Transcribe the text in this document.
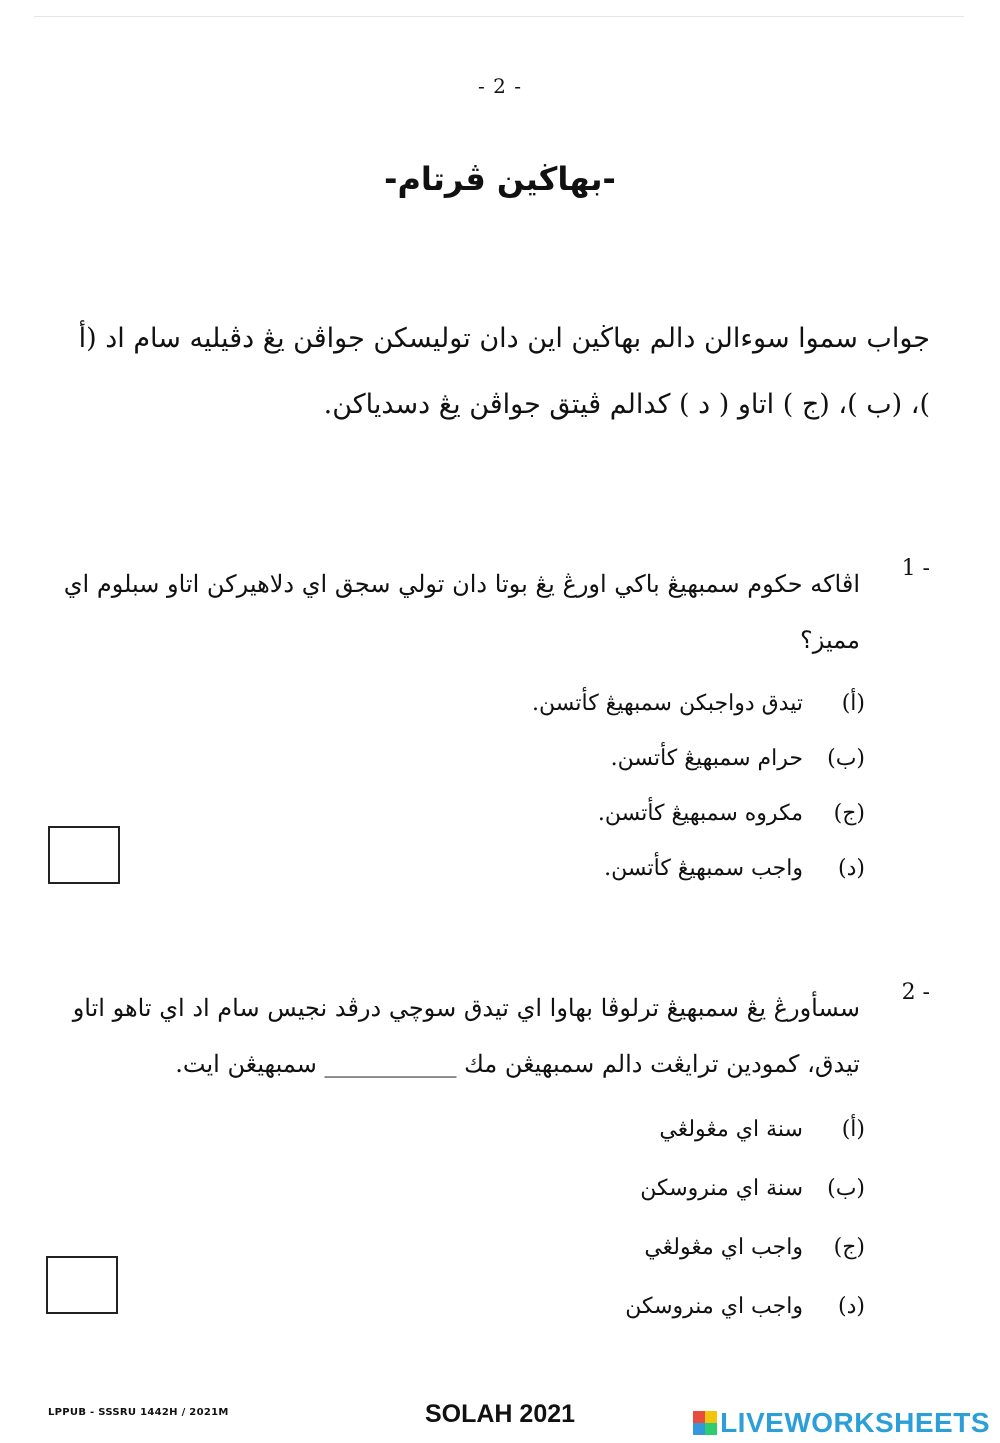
- 2 -
-بهاڬين ڤرتام-
جواب سموا سوءالن دالم بهاڬين اين دان توليسكن جواڤن يڠ دڤيليه سام اد (أ )، (ب )، (ج ) اتاو ( د ) كدالم ڤيتق جواڤن يڠ دسدياكن.
1 -
اڤاكه حكوم سمبهيڠ باكي اورڠ يڠ بوتا دان تولي سجق اي دلاهيركن اتاو سبلوم اي مميز؟
(أ)
تيدق دواجبكن سمبهيڠ كأتسن.
(ب)
حرام سمبهيڠ كأتسن.
(ج)
مكروه سمبهيڠ كأتسن.
(د)
واجب سمبهيڠ كأتسن.
2 -
سسأورڠ يڠ سمبهيڠ ترلوڤا بهاوا اي تيدق سوچي درڤد نجيس سام اد اي تاهو اتاو تيدق، كمودين ترايڠت دالم سمبهيڠن مك ___________ سمبهيڠن ايت.
(أ)
سنة اي مڠولڠي
(ب)
سنة اي منروسكن
(ج)
واجب اي مڠولڠي
(د)
واجب اي منروسكن
LPPUB - SSSRU 1442H / 2021M	SOLAH 2021	LIVEWORKSHEETS
